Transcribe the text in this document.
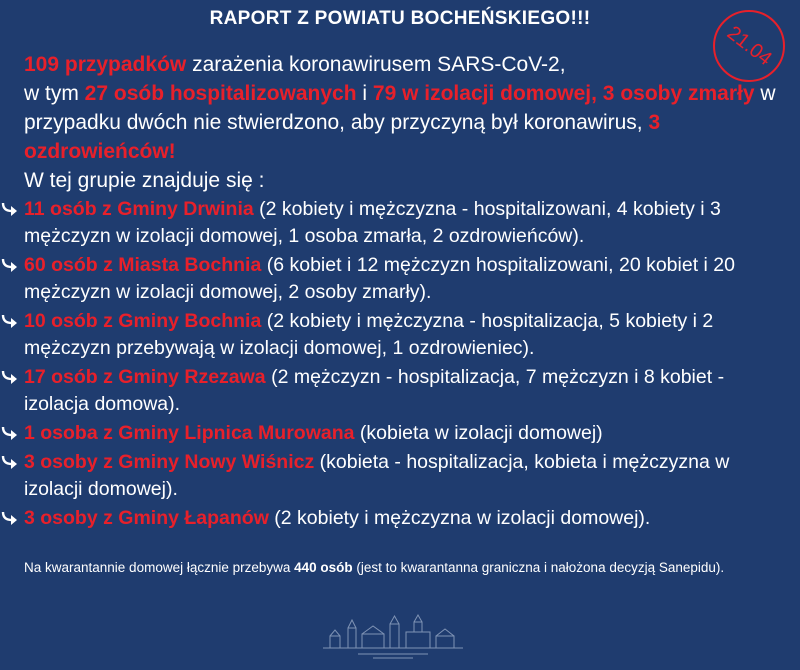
RAPORT Z POWIATU BOCHEŃSKIEGO!!!
21.04
109 przypadków zarażenia koronawirusem SARS-CoV-2,
w tym 27 osób hospitalizowanych i 79 w izolacji domowej, 3 osoby zmarły w przypadku dwóch nie stwierdzono, aby przyczyną był koronawirus, 3 ozdrowieńców!
W tej grupie znajduje się :
11 osób z Gminy Drwinia (2 kobiety i mężczyzna - hospitalizowani, 4 kobiety i 3 mężczyzn w izolacji domowej, 1 osoba zmarła, 2 ozdrowieńców).
60 osób z Miasta Bochnia (6 kobiet i 12 mężczyzn hospitalizowani, 20 kobiet i 20 mężczyzn w izolacji domowej, 2 osoby zmarły).
10 osób z Gminy Bochnia (2 kobiety i mężczyzna - hospitalizacja, 5 kobiety i 2 mężczyzn przebywają w izolacji domowej, 1 ozdrowieniec).
17 osób z Gminy Rzezawa (2 mężczyzn - hospitalizacja, 7 mężczyzn i 8 kobiet - izolacja domowa).
1 osoba z Gminy Lipnica Murowana (kobieta w izolacji domowej)
3 osoby z Gminy Nowy Wiśnicz (kobieta - hospitalizacja, kobieta i mężczyzna w izolacji domowej).
3 osoby z Gminy Łapanów (2 kobiety i mężczyzna w izolacji domowej).
Na kwarantannie domowej łącznie przebywa 440 osób (jest to kwarantanna graniczna i nałożona decyzją Sanepidu).
